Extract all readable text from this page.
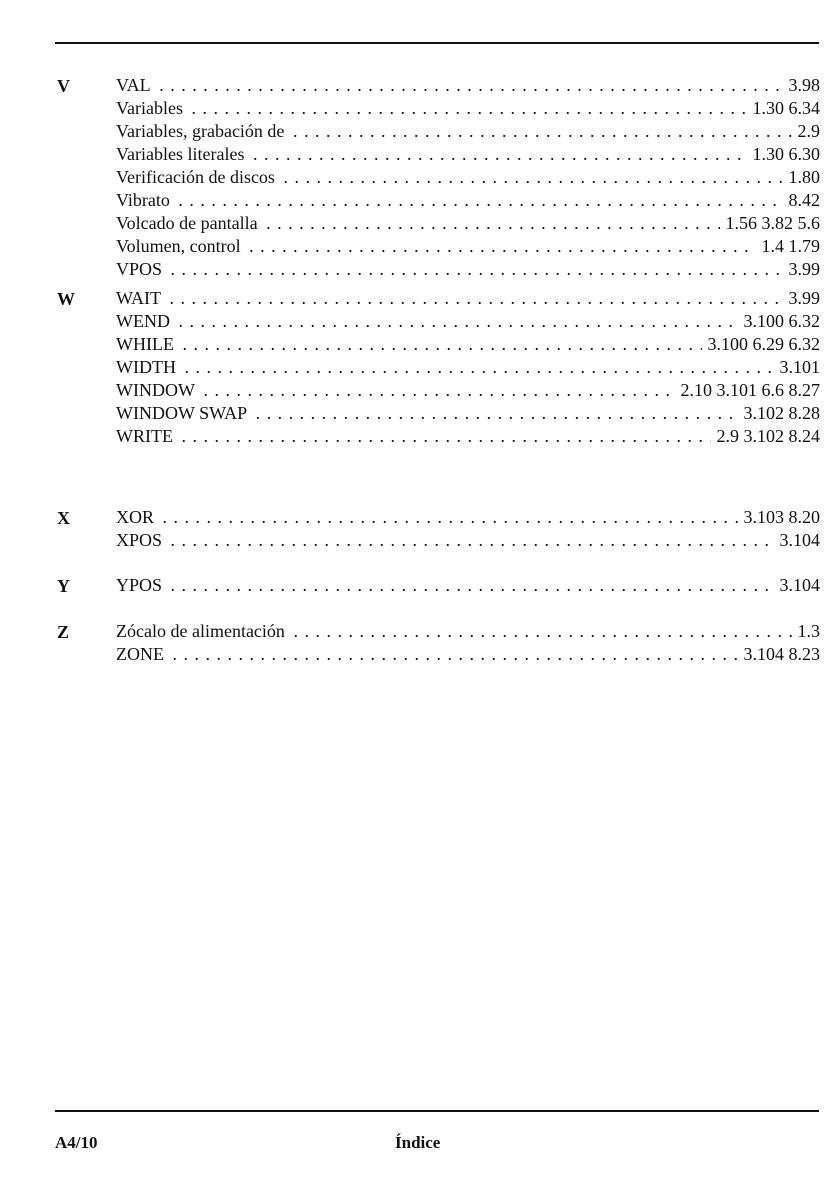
V	VAL . . .	3.98
Variables . . .	1.30 6.34
Variables, grabación de . . .	2.9
Variables literales . . .	1.30 6.30
Verificación de discos . . .	1.80
Vibrato . . .	8.42
Volcado de pantalla . . .	1.56 3.82 5.6
Volumen, control . . .	1.4 1.79
VPOS . . .	3.99
W WAIT . . .	3.99
WEND . . .	3.100 6.32
WHILE . . .	3.100 6.29 6.32
WIDTH . . .	3.101
WINDOW . . .	2.10 3.101 6.6 8.27
WINDOW SWAP . . .	3.102 8.28
WRITE . . .	2.9 3.102 8.24
X	XOR . . .	3.103 8.20
XPOS . . .	3.104
Y	YPOS . . .	3.104
Z	Zócalo de alimentación . . .	1.3
ZONE . . .	3.104 8.23
A4/10	Índice
